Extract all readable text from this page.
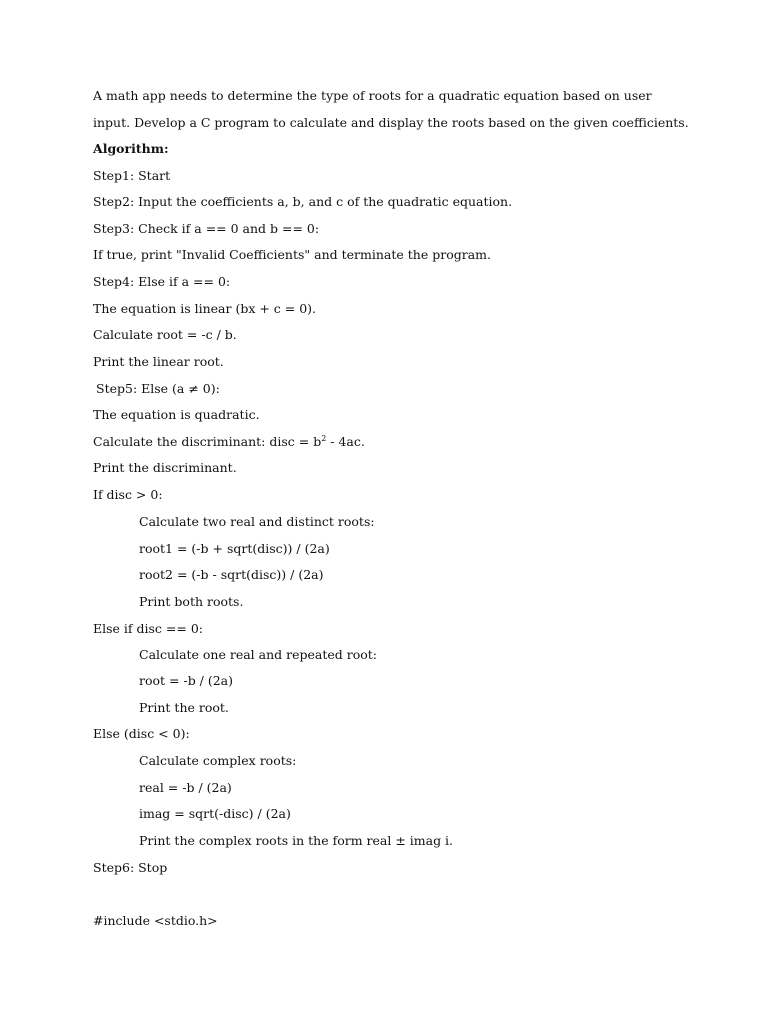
A math app needs to determine the type of roots for a quadratic equation based on user
input. Develop a C program to calculate and display the roots based on the given coefficients.
Algorithm:
Step1: Start
Step2: Input the coefficients a, b, and c of the quadratic equation.
Step3: Check if a == 0 and b == 0:
If true, print "Invalid Coefficients" and terminate the program.
Step4: Else if a == 0:
The equation is linear (bx + c = 0).
Calculate root = -c / b.
Print the linear root.
Step5: Else (a ≠ 0):
The equation is quadratic.
Calculate the discriminant: disc = $b^2 - 4ac$.
Print the discriminant.
If disc > 0:
Calculate two real and distinct roots:
root1 = (-b + sqrt(disc)) / (2a)
root2 = (-b - sqrt(disc)) / (2a)
Print both roots.
Else if disc == 0:
Calculate one real and repeated root:
root = -b / (2a)
Print the root.
Else (disc < 0):
Calculate complex roots:
real = -b / (2a)
imag = sqrt(-disc) / (2a)
Print the complex roots in the form real ± imag i.
Step6: Stop
#include <stdio.h>
